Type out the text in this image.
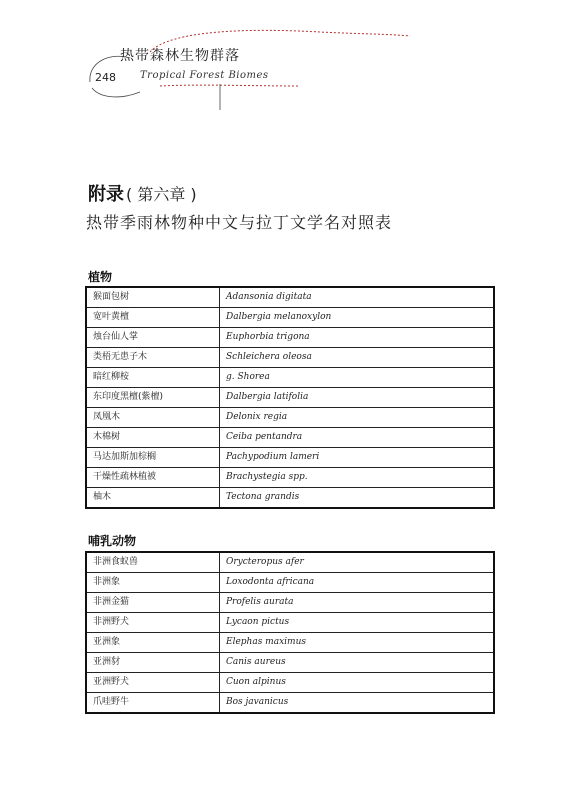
热带森林生物群落
248 Tropical Forest Biomes
附录 ( 第六章 )
热带季雨林物种中文与拉丁文学名对照表
植物
猴面包树	Adansonia digitata
宽叶黄檀	Dalbergia melanoxylon
烛台仙人掌	Euphorbia trigona
类梧无患子木	Schleichera oleosa
暗红柳桉	g. Shorea
东印度黑檀(紫檀)	Dalbergia latifolia
凤凰木	Delonix regia
木棉树	Ceiba pentandra
马达加斯加棕榈	Pachypodium lameri
干燥性疏林植被	Brachystegia spp.
柚木	Tectona grandis
哺乳动物
非洲食蚁兽	Orycteropus afer
非洲象	Loxodonta africana
非洲金猫	Profelis aurata
非洲野犬	Lycaon pictus
亚洲象	Elephas maximus
亚洲豺	Canis aureus
亚洲野犬	Cuon alpinus
爪哇野牛	Bos javanicus
